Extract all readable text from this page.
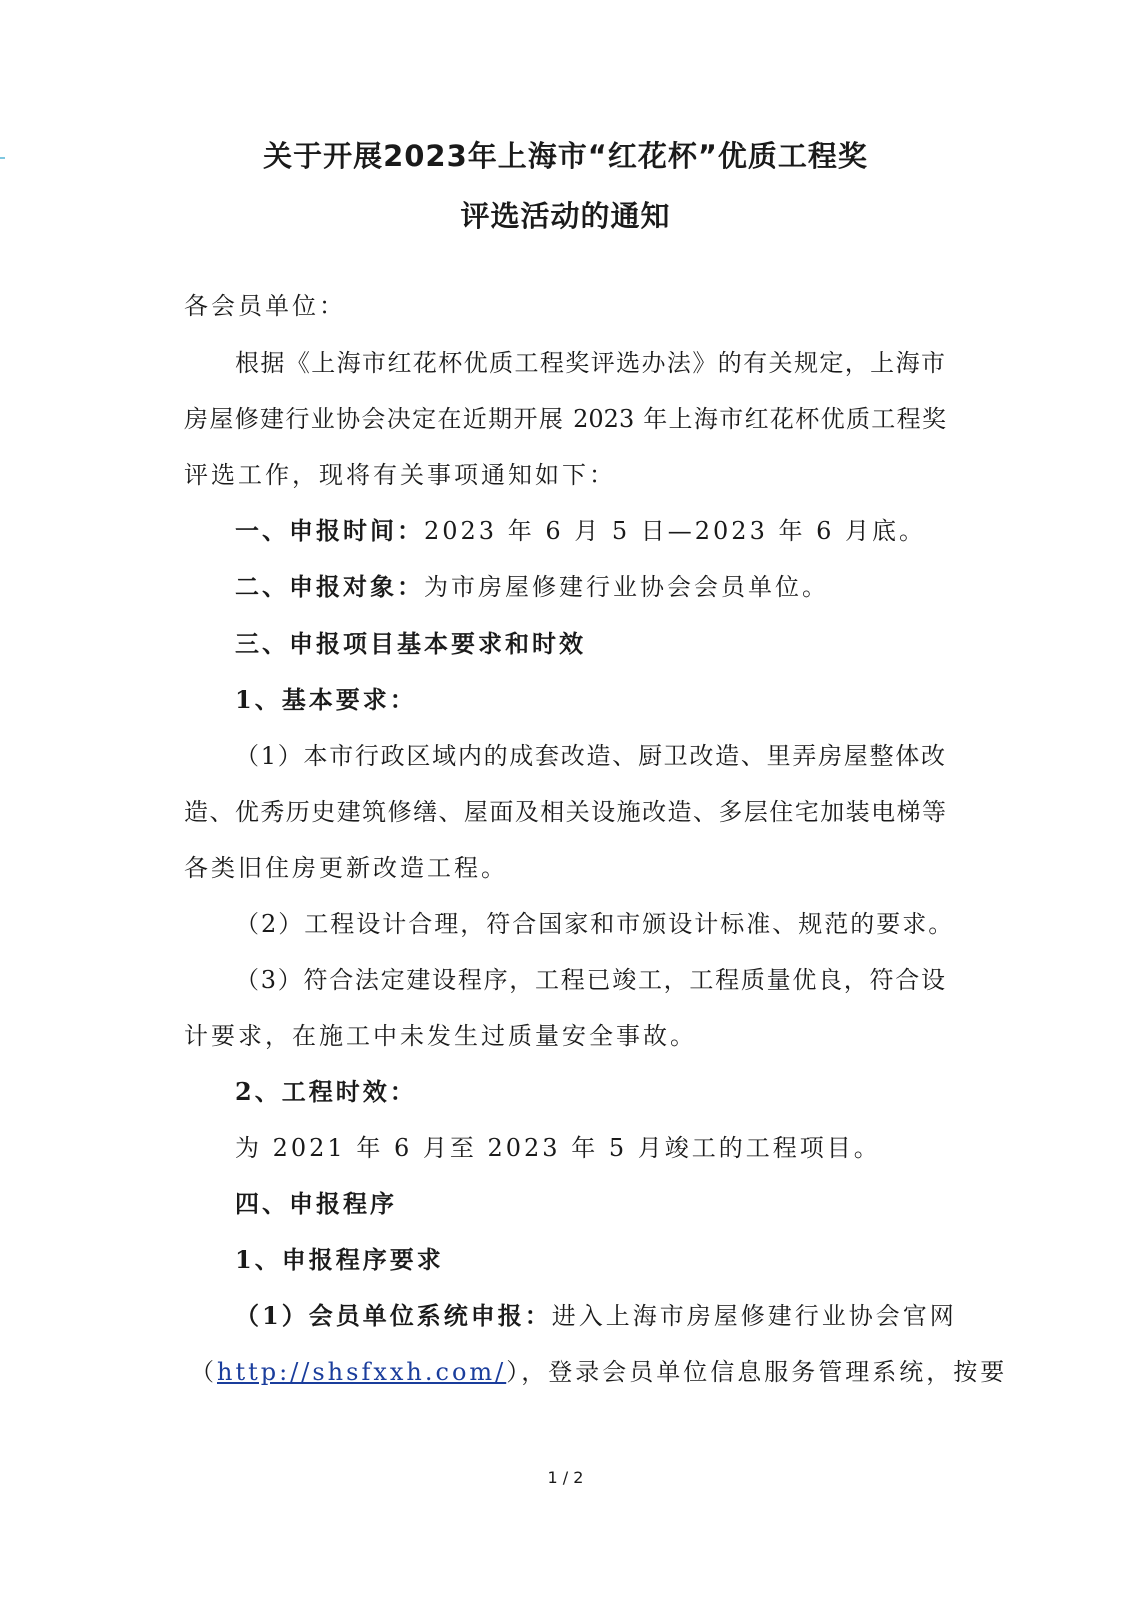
关于开展2023年上海市“红花杯”优质工程奖
评选活动的通知
各会员单位：
根据《上海市红花杯优质工程奖评选办法》的有关规定，上海市
房屋修建行业协会决定在近期开展 2023 年上海市红花杯优质工程奖
评选工作，现将有关事项通知如下：
一、申报时间：2023 年 6 月 5 日—2023 年 6 月底。
二、申报对象：为市房屋修建行业协会会员单位。
三、申报项目基本要求和时效
1、基本要求：
（1）本市行政区域内的成套改造、厨卫改造、里弄房屋整体改
造、优秀历史建筑修缮、屋面及相关设施改造、多层住宅加装电梯等
各类旧住房更新改造工程。
（2）工程设计合理，符合国家和市颁设计标准、规范的要求。
（3）符合法定建设程序，工程已竣工，工程质量优良，符合设
计要求，在施工中未发生过质量安全事故。
2、工程时效：
为 2021 年 6 月至 2023 年 5 月竣工的工程项目。
四、申报程序
1、申报程序要求
（1）会员单位系统申报：进入上海市房屋修建行业协会官网
（http://shsfxxh.com/），登录会员单位信息服务管理系统，按要
1 / 2
